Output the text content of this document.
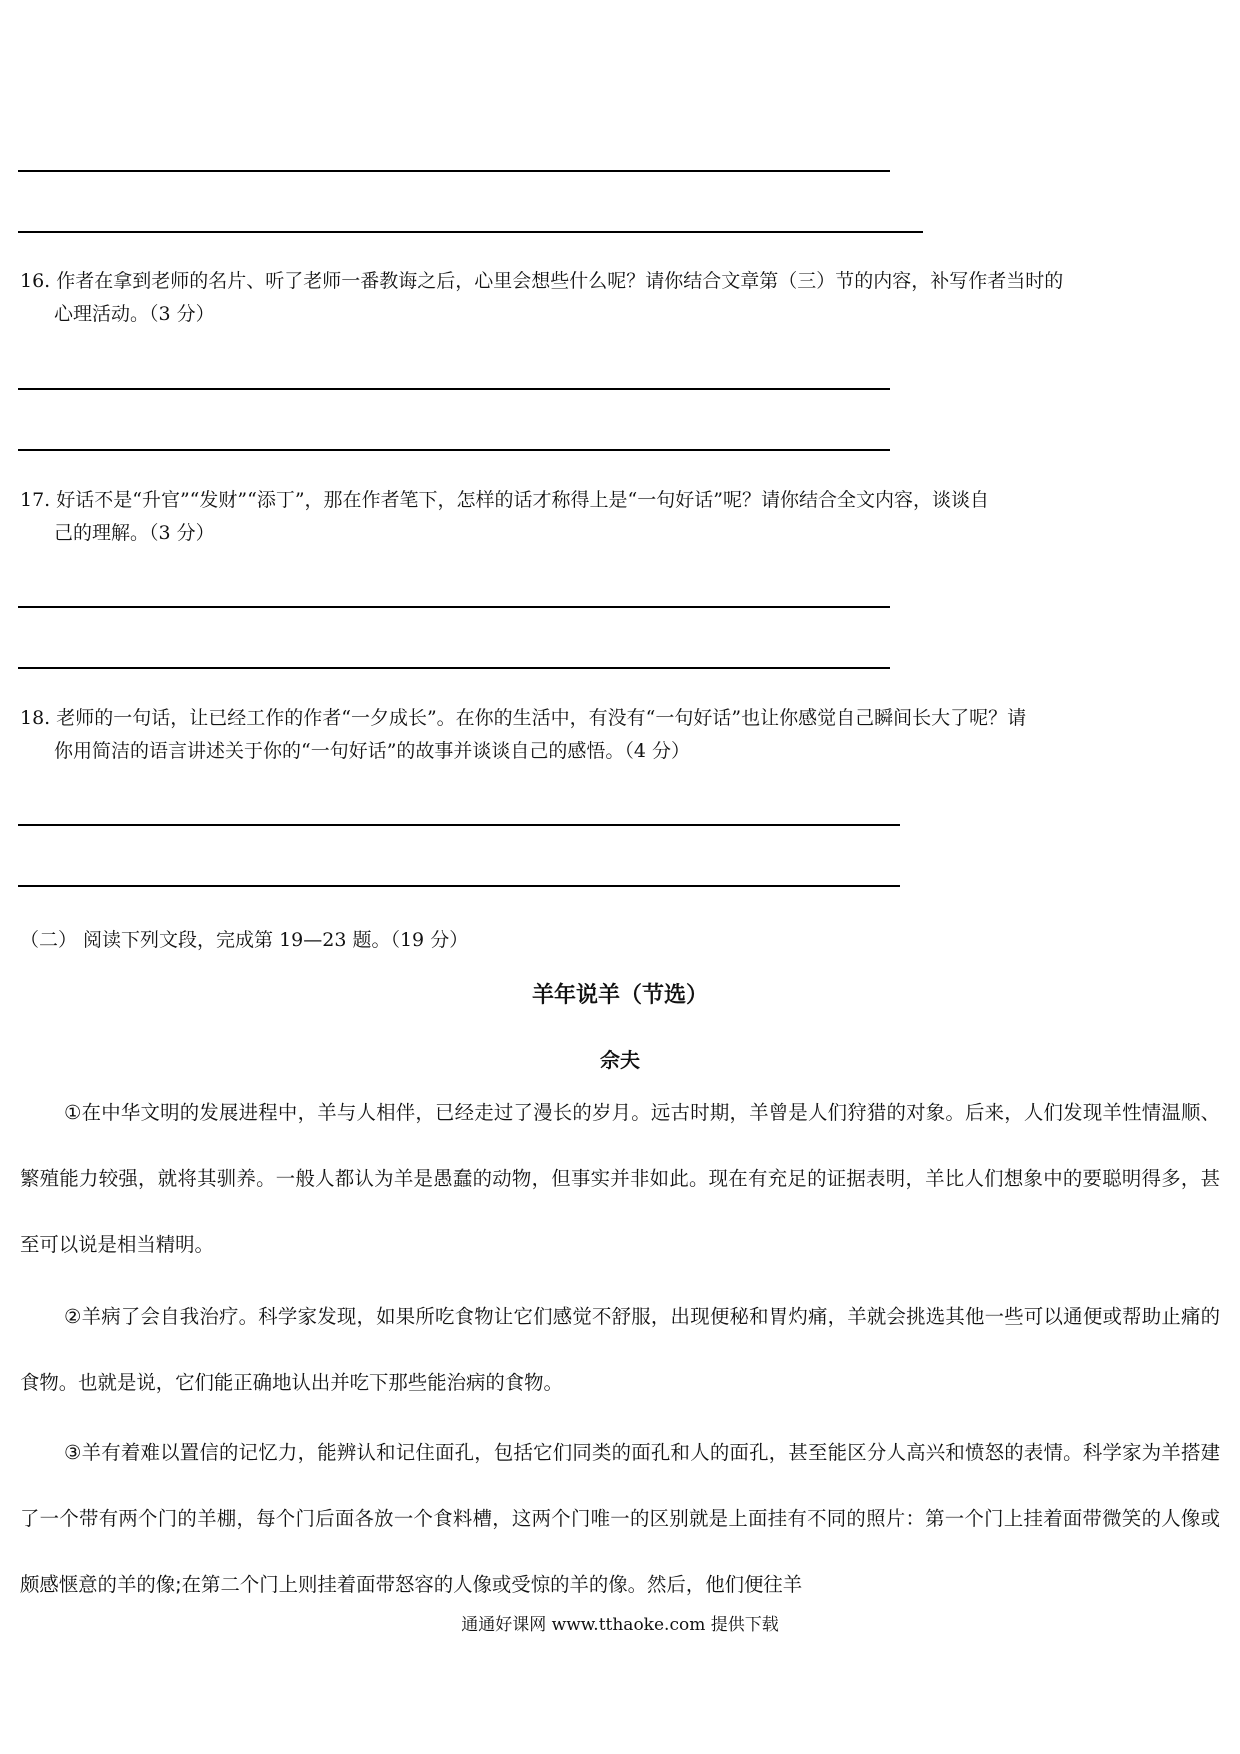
16. 作者在拿到老师的名片、听了老师一番教诲之后，心里会想些什么呢？请你结合文章第（三）节的内容，补写作者当时的
心理活动。（3 分）
17. 好话不是“升官”“发财”“添丁”，那在作者笔下，怎样的话才称得上是“一句好话”呢？请你结合全文内容，谈谈自
己的理解。（3 分）
18. 老师的一句话，让已经工作的作者“一夕成长”。在你的生活中，有没有“一句好话”也让你感觉自己瞬间长大了呢？请
你用简洁的语言讲述关于你的“一句好话”的故事并谈谈自己的感悟。（4 分）
（二） 阅读下列文段，完成第 19—23 题。（19 分）
羊年说羊（节选）
佘夫
①在中华文明的发展进程中，羊与人相伴，已经走过了漫长的岁月。远古时期，羊曾是人们狩猎的对象。后来，人们发现羊性情温顺、繁殖能力较强，就将其驯养。一般人都认为羊是愚蠢的动物，但事实并非如此。现在有充足的证据表明，羊比人们想象中的要聪明得多，甚至可以说是相当精明。
②羊病了会自我治疗。科学家发现，如果所吃食物让它们感觉不舒服，出现便秘和胃灼痛，羊就会挑选其他一些可以通便或帮助止痛的食物。也就是说，它们能正确地认出并吃下那些能治病的食物。
③羊有着难以置信的记忆力，能辨认和记住面孔，包括它们同类的面孔和人的面孔，甚至能区分人高兴和愤怒的表情。科学家为羊搭建了一个带有两个门的羊棚，每个门后面各放一个食料槽，这两个门唯一的区别就是上面挂有不同的照片：第一个门上挂着面带微笑的人像或颇感惬意的羊的像;在第二个门上则挂着面带怒容的人像或受惊的羊的像。然后，他们便往羊
通通好课网 www.tthaoke.com 提供下载
